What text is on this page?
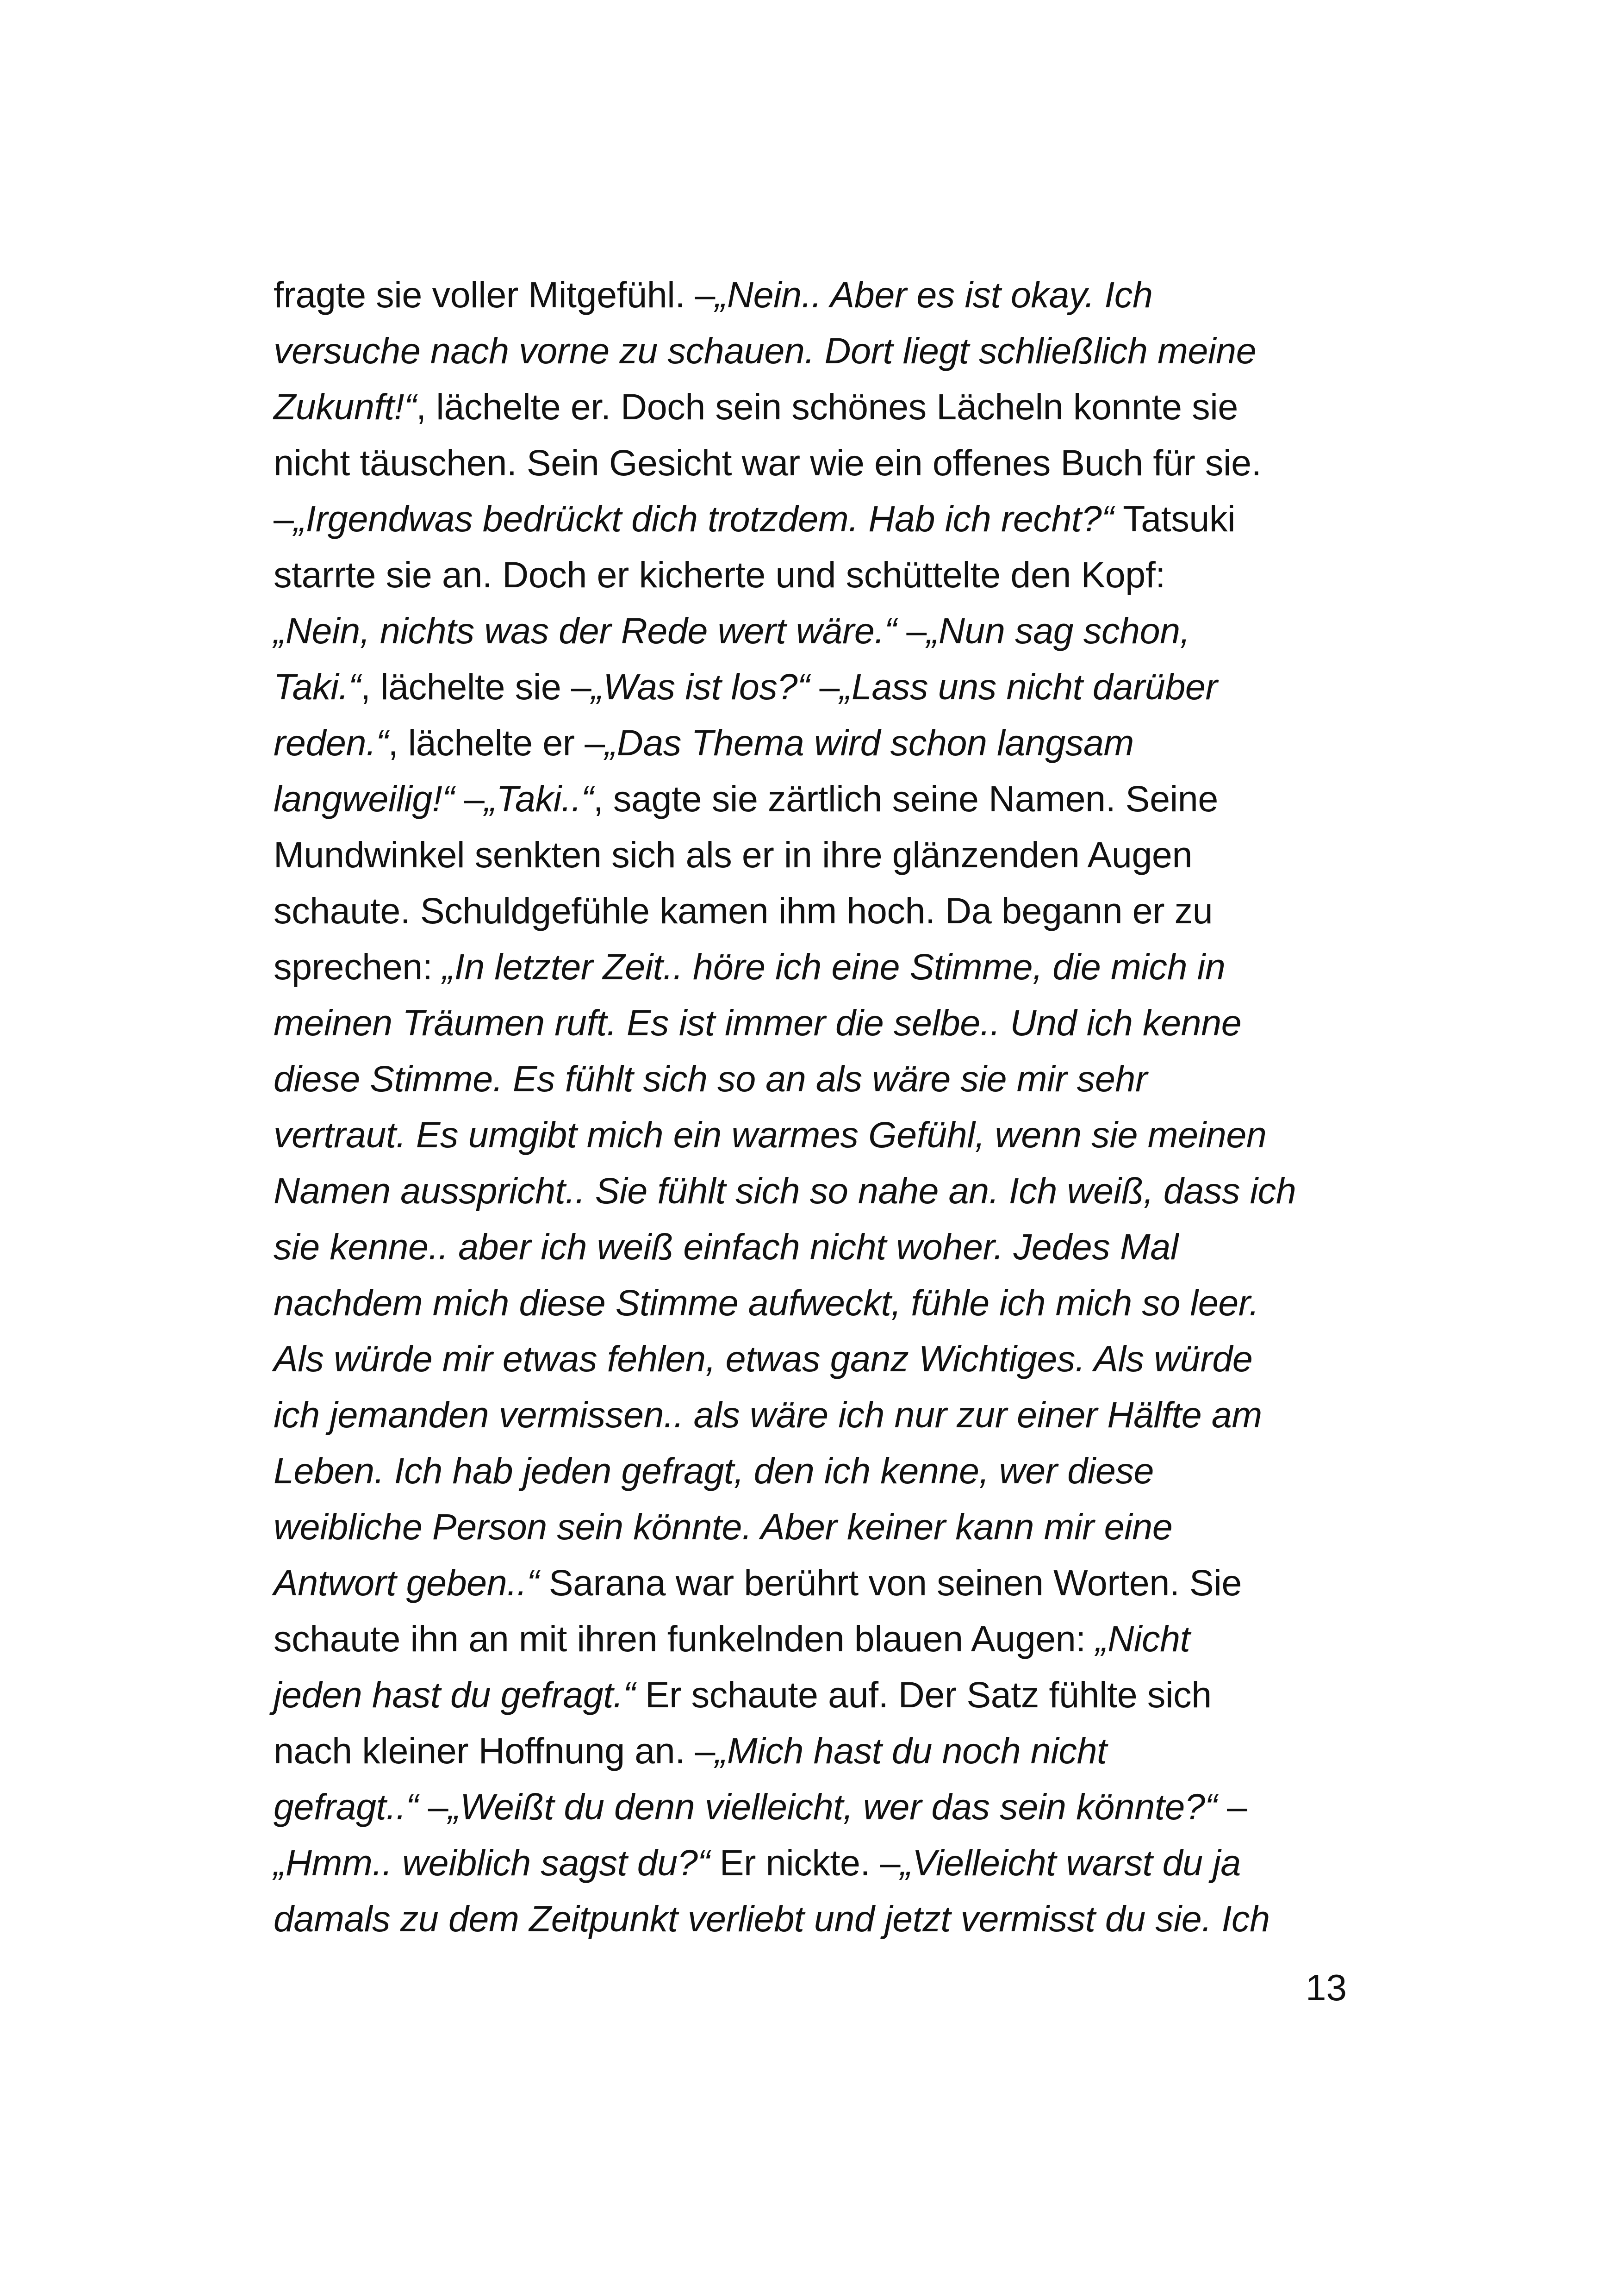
fragte sie voller Mitgefühl. –„Nein.. Aber es ist okay. Ich
versuche nach vorne zu schauen. Dort liegt schließlich meine
Zukunft!“, lächelte er. Doch sein schönes Lächeln konnte sie
nicht täuschen. Sein Gesicht war wie ein offenes Buch für sie.
–„Irgendwas bedrückt dich trotzdem. Hab ich recht?“ Tatsuki
starrte sie an. Doch er kicherte und schüttelte den Kopf:
„Nein, nichts was der Rede wert wäre.“ –„Nun sag schon,
Taki.“, lächelte sie –„Was ist los?“ –„Lass uns nicht darüber
reden.“, lächelte er –„Das Thema wird schon langsam
langweilig!“ –„Taki..“, sagte sie zärtlich seine Namen. Seine
Mundwinkel senkten sich als er in ihre glänzenden Augen
schaute. Schuldgefühle kamen ihm hoch. Da begann er zu
sprechen: „In letzter Zeit.. höre ich eine Stimme, die mich in
meinen Träumen ruft. Es ist immer die selbe.. Und ich kenne
diese Stimme. Es fühlt sich so an als wäre sie mir sehr
vertraut. Es umgibt mich ein warmes Gefühl, wenn sie meinen
Namen ausspricht.. Sie fühlt sich so nahe an. Ich weiß, dass ich
sie kenne.. aber ich weiß einfach nicht woher. Jedes Mal
nachdem mich diese Stimme aufweckt, fühle ich mich so leer.
Als würde mir etwas fehlen, etwas ganz Wichtiges. Als würde
ich jemanden vermissen.. als wäre ich nur zur einer Hälfte am
Leben. Ich hab jeden gefragt, den ich kenne, wer diese
weibliche Person sein könnte. Aber keiner kann mir eine
Antwort geben..“ Sarana war berührt von seinen Worten. Sie
schaute ihn an mit ihren funkelnden blauen Augen: „Nicht
jeden hast du gefragt.“ Er schaute auf. Der Satz fühlte sich
nach kleiner Hoffnung an. –„Mich hast du noch nicht
gefragt..“ –„Weißt du denn vielleicht, wer das sein könnte?“ –
„Hmm.. weiblich sagst du?“ Er nickte. –„Vielleicht warst du ja
damals zu dem Zeitpunkt verliebt und jetzt vermisst du sie. Ich
13
